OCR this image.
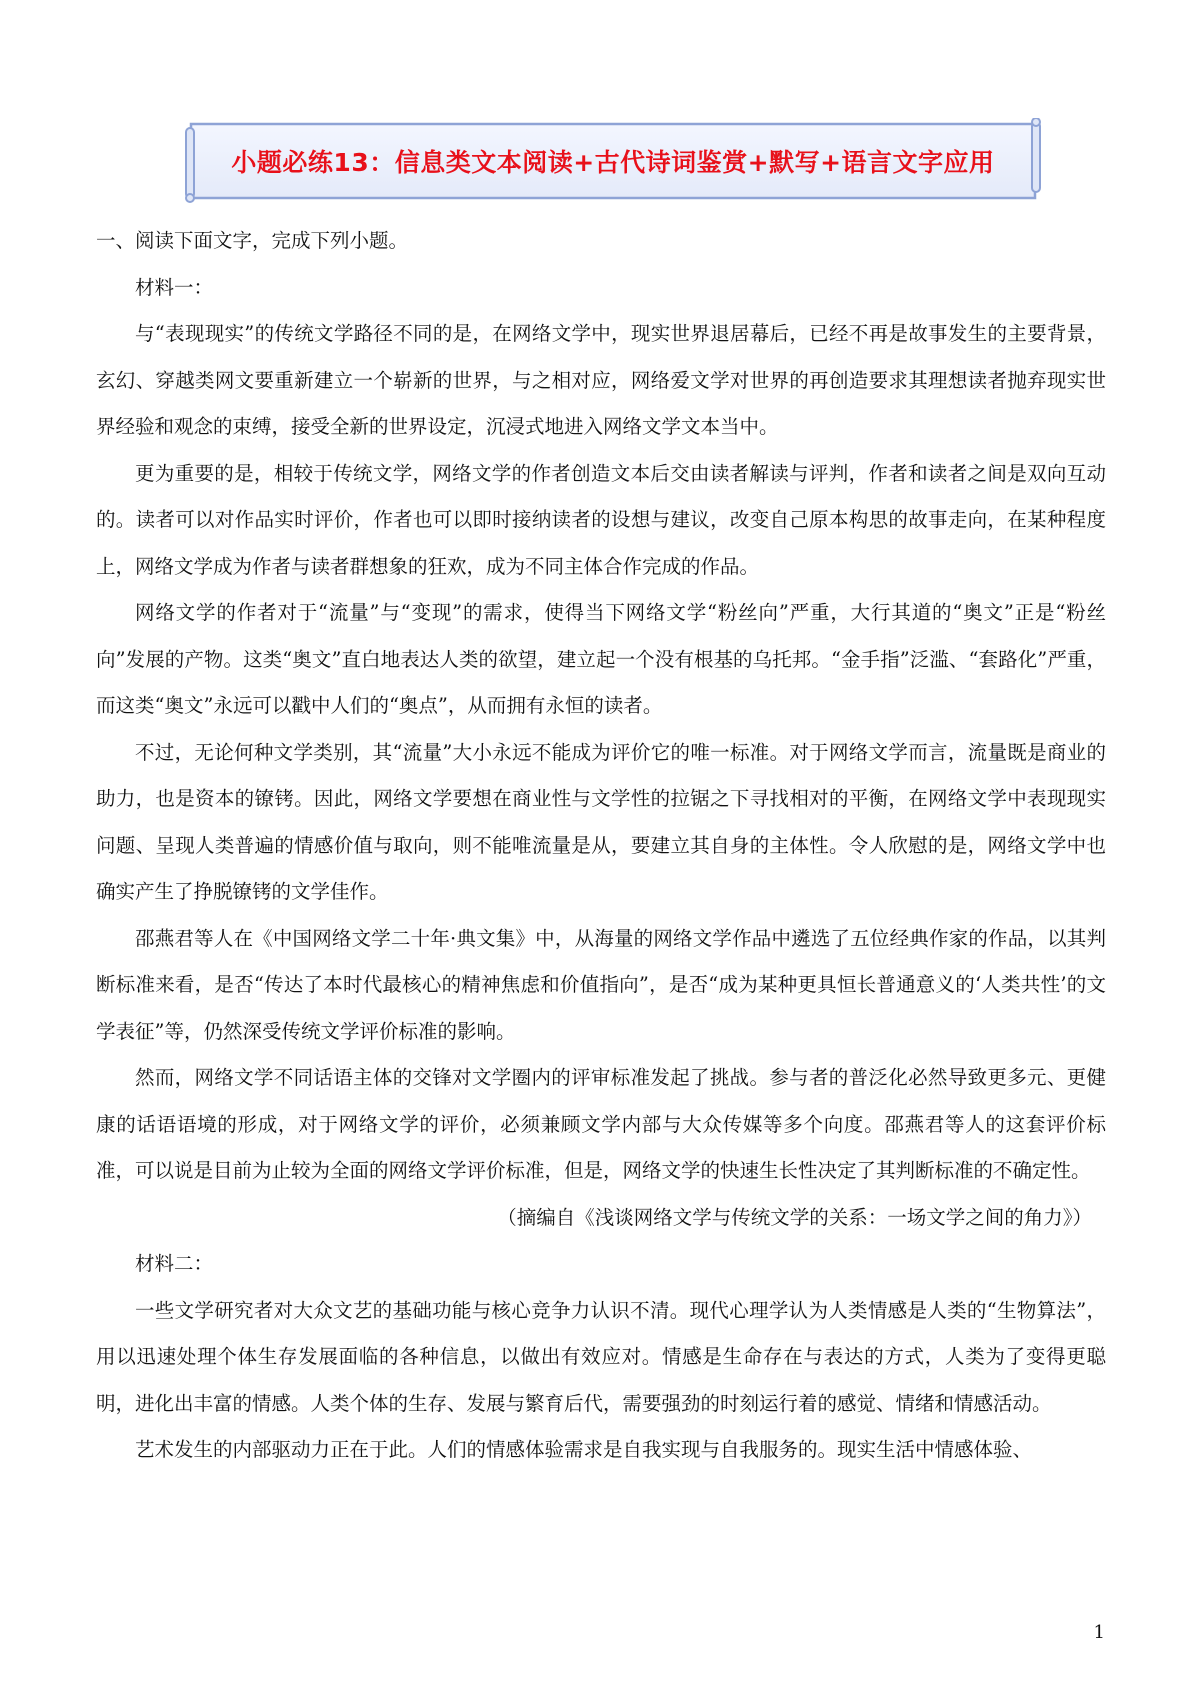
小题必练13：信息类文本阅读+古代诗词鉴赏+默写+语言文字应用

一、阅读下面文字，完成下列小题。

材料一：

与“表现现实”的传统文学路径不同的是，在网络文学中，现实世界退居幕后，已经不再是故事发生的主要背景，玄幻、穿越类网文要重新建立一个崭新的世界，与之相对应，网络爱文学对世界的再创造要求其理想读者抛弃现实世界经验和观念的束缚，接受全新的世界设定，沉浸式地进入网络文学文本当中。

更为重要的是，相较于传统文学，网络文学的作者创造文本后交由读者解读与评判，作者和读者之间是双向互动的。读者可以对作品实时评价，作者也可以即时接纳读者的设想与建议，改变自己原本构思的故事走向，在某种程度上，网络文学成为作者与读者群想象的狂欢，成为不同主体合作完成的作品。

网络文学的作者对于“流量”与“变现”的需求，使得当下网络文学“粉丝向”严重，大行其道的“奥文”正是“粉丝向”发展的产物。这类“奥文”直白地表达人类的欲望，建立起一个没有根基的乌托邦。“金手指”泛滥、“套路化”严重，而这类“奥文”永远可以戳中人们的“奥点”，从而拥有永恒的读者。

不过，无论何种文学类别，其“流量”大小永远不能成为评价它的唯一标准。对于网络文学而言，流量既是商业的助力，也是资本的镣铐。因此，网络文学要想在商业性与文学性的拉锯之下寻找相对的平衡，在网络文学中表现现实问题、呈现人类普遍的情感价值与取向，则不能唯流量是从，要建立其自身的主体性。令人欣慰的是，网络文学中也确实产生了挣脱镣铐的文学佳作。

邵燕君等人在《中国网络文学二十年·典文集》中，从海量的网络文学作品中遴选了五位经典作家的作品，以其判断标准来看，是否“传达了本时代最核心的精神焦虑和价值指向”，是否“成为某种更具恒长普通意义的‘人类共性’的文学表征”等，仍然深受传统文学评价标准的影响。

然而，网络文学不同话语主体的交锋对文学圈内的评审标准发起了挑战。参与者的普泛化必然导致更多元、更健康的话语语境的形成，对于网络文学的评价，必须兼顾文学内部与大众传媒等多个向度。邵燕君等人的这套评价标准，可以说是目前为止较为全面的网络文学评价标准，但是，网络文学的快速生长性决定了其判断标准的不确定性。

（摘编自《浅谈网络文学与传统文学的关系：一场文学之间的角力》）

材料二：

一些文学研究者对大众文艺的基础功能与核心竞争力认识不清。现代心理学认为人类情感是人类的“生物算法”，用以迅速处理个体生存发展面临的各种信息，以做出有效应对。情感是生命存在与表达的方式，人类为了变得更聪明，进化出丰富的情感。人类个体的生存、发展与繁育后代，需要强劲的时刻运行着的感觉、情绪和情感活动。

艺术发生的内部驱动力正在于此。人们的情感体验需求是自我实现与自我服务的。现实生活中情感体验、

1
